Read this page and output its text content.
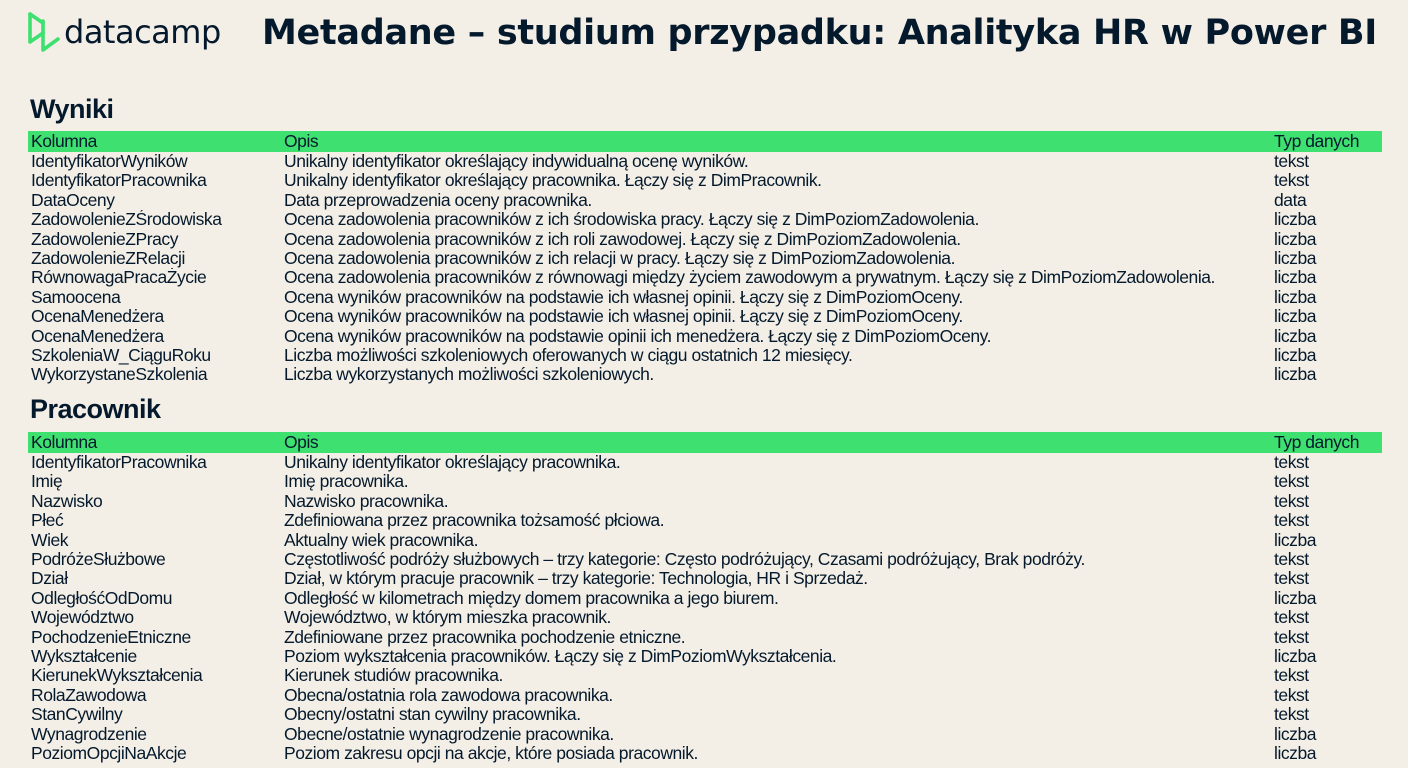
datacamp Metadane – studium przypadku: Analityka HR w Power BI
Wyniki
Kolumna	Opis	Typ danych
IdentyfikatorWyników	Unikalny identyfikator określający indywidualną ocenę wyników.	tekst
IdentyfikatorPracownika	Unikalny identyfikator określający pracownika. Łączy się z DimPracownik.	tekst
DataOceny	Data przeprowadzenia oceny pracownika.	data
ZadowolenieZŚrodowiska	Ocena zadowolenia pracowników z ich środowiska pracy. Łączy się z DimPoziomZadowolenia.	liczba
ZadowolenieZPracy	Ocena zadowolenia pracowników z ich roli zawodowej. Łączy się z DimPoziomZadowolenia.	liczba
ZadowolenieZRelacji	Ocena zadowolenia pracowników z ich relacji w pracy. Łączy się z DimPoziomZadowolenia.	liczba
RównowagaPracaŻycie	Ocena zadowolenia pracowników z równowagi między życiem zawodowym a prywatnym. Łączy się z DimPoziomZadowolenia.	liczba
Samoocena	Ocena wyników pracowników na podstawie ich własnej opinii. Łączy się z DimPoziomOceny.	liczba
OcenaMenedżera	Ocena wyników pracowników na podstawie ich własnej opinii. Łączy się z DimPoziomOceny.	liczba
OcenaMenedżera	Ocena wyników pracowników na podstawie opinii ich menedżera. Łączy się z DimPoziomOceny.	liczba
SzkoleniaW_CiąguRoku	Liczba możliwości szkoleniowych oferowanych w ciągu ostatnich 12 miesięcy.	liczba
WykorzystaneSzkolenia	Liczba wykorzystanych możliwości szkoleniowych.	liczba
Pracownik
Kolumna	Opis	Typ danych
IdentyfikatorPracownika	Unikalny identyfikator określający pracownika.	tekst
Imię	Imię pracownika.	tekst
Nazwisko	Nazwisko pracownika.	tekst
Płeć	Zdefiniowana przez pracownika tożsamość płciowa.	tekst
Wiek	Aktualny wiek pracownika.	liczba
PodróżeSłużbowe	Częstotliwość podróży służbowych – trzy kategorie: Często podróżujący, Czasami podróżujący, Brak podróży.	tekst
Dział	Dział, w którym pracuje pracownik – trzy kategorie: Technologia, HR i Sprzedaż.	tekst
OdległośćOdDomu	Odległość w kilometrach między domem pracownika a jego biurem.	liczba
Województwo	Województwo, w którym mieszka pracownik.	tekst
PochodzenieEtniczne	Zdefiniowane przez pracownika pochodzenie etniczne.	tekst
Wykształcenie	Poziom wykształcenia pracowników. Łączy się z DimPoziomWykształcenia.	liczba
KierunekWykształcenia	Kierunek studiów pracownika.	tekst
RolaZawodowa	Obecna/ostatnia rola zawodowa pracownika.	tekst
StanCywilny	Obecny/ostatni stan cywilny pracownika.	tekst
Wynagrodzenie	Obecne/ostatnie wynagrodzenie pracownika.	liczba
PoziomOpcjiNaAkcje	Poziom zakresu opcji na akcje, które posiada pracownik.	liczba
